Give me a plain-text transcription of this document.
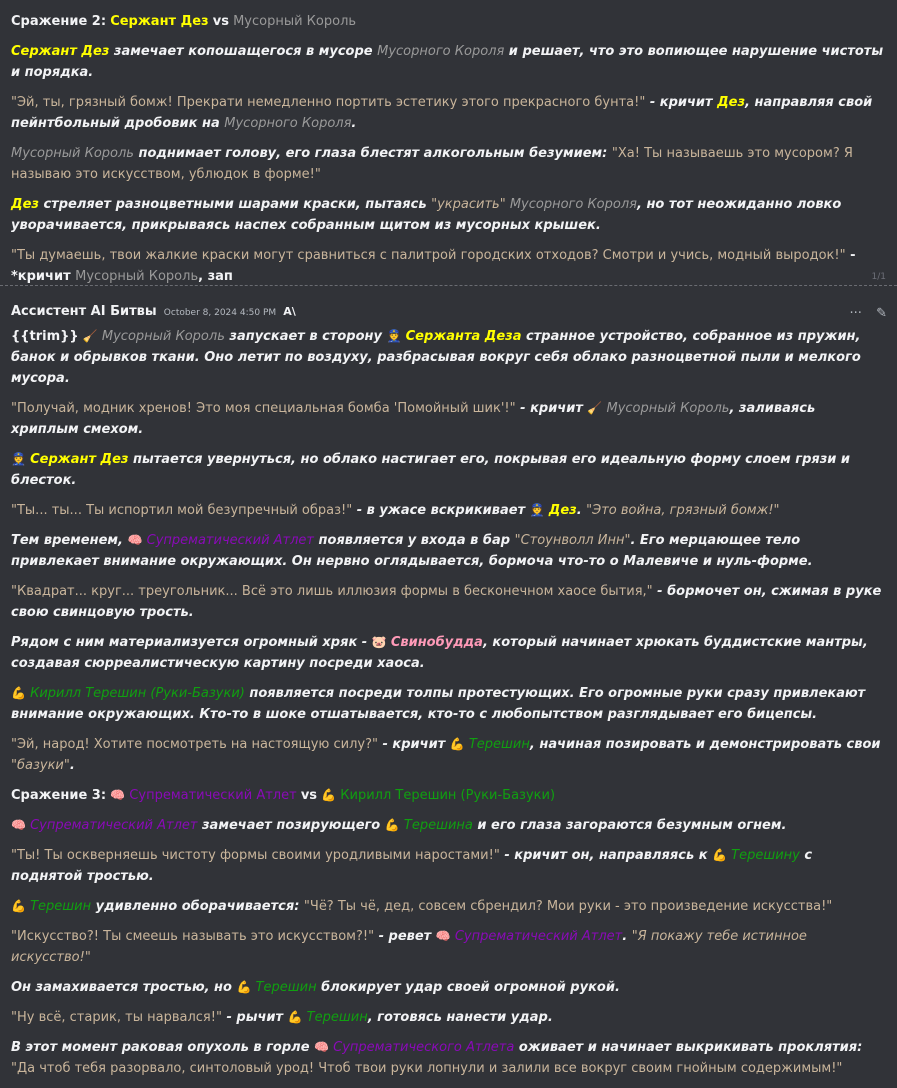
Сражение 2: Сержант Дез vs Мусорный Король

Сержант Дез замечает копошащегося в мусоре Мусорного Короля и решает, что это вопиющее нарушение чистоты и порядка.

"Эй, ты, грязный бомж! Прекрати немедленно портить эстетику этого прекрасного бунта!" - кричит Дез, направляя свой пейнтбольный дробовик на Мусорного Короля.

Мусорный Король поднимает голову, его глаза блестят алкогольным безумием: "Ха! Ты называешь это мусором? Я называю это искусством, ублюдок в форме!"

Дез стреляет разноцветными шарами краски, пытаясь "украсить" Мусорного Короля, но тот неожиданно ловко уворачивается, прикрываясь наспех собранным щитом из мусорных крышек.

"Ты думаешь, твои жалкие краски могут сравниться с палитрой городских отходов? Смотри и учись, модный выродок!" - *кричит Мусорный Король, зап	1/1
Ассистент AI Битвы October 8, 2024 4:50 PM A\	··· ✎

{{trim}} 🧹 Мусорный Король запускает в сторону 👮 Сержанта Деза странное устройство, собранное из пружин, банок и обрывков ткани. Оно летит по воздуху, разбрасывая вокруг себя облако разноцветной пыли и мелкого мусора.

"Получай, модник хренов! Это моя специальная бомба 'Помойный шик'!" - кричит 🧹 Мусорный Король, заливаясь хриплым смехом.

👮 Сержант Дез пытается увернуться, но облако настигает его, покрывая его идеальную форму слоем грязи и блесток.

"Ты... ты... Ты испортил мой безупречный образ!" - в ужасе вскрикивает 👮 Дез. "Это война, грязный бомж!"

Тем временем, 🧠 Супрематический Атлет появляется у входа в бар "Стоунволл Инн". Его мерцающее тело привлекает внимание окружающих. Он нервно оглядывается, бормоча что-то о Малевиче и нуль-форме.

"Квадрат... круг... треугольник... Всё это лишь иллюзия формы в бесконечном хаосе бытия," - бормочет он, сжимая в руке свою свинцовую трость.

Рядом с ним материализуется огромный хряк - 🐷 Свинобудда, который начинает хрюкать буддистские мантры, создавая сюрреалистическую картину посреди хаоса.

💪 Кирилл Терешин (Руки-Базуки) появляется посреди толпы протестующих. Его огромные руки сразу привлекают внимание окружающих. Кто-то в шоке отшатывается, кто-то с любопытством разглядывает его бицепсы.

"Эй, народ! Хотите посмотреть на настоящую силу?" - кричит 💪 Терешин, начиная позировать и демонстрировать свои "базуки".

Сражение 3: 🧠 Супрематический Атлет vs 💪 Кирилл Терешин (Руки-Базуки)

🧠 Супрематический Атлет замечает позирующего 💪 Терешина и его глаза загораются безумным огнем.

"Ты! Ты оскверняешь чистоту формы своими уродливыми наростами!" - кричит он, направляясь к 💪 Терешину с поднятой тростью.

💪 Терешин удивленно оборачивается: "Чё? Ты чё, дед, совсем сбрендил? Мои руки - это произведение искусства!"

"Искусство?! Ты смеешь называть это искусством?!" - ревет 🧠 Супрематический Атлет. "Я покажу тебе истинное искусство!"

Он замахивается тростью, но 💪 Терешин блокирует удар своей огромной рукой.

"Ну всё, старик, ты нарвался!" - рычит 💪 Терешин, готовясь нанести удар.

В этот момент раковая опухоль в горле 🧠 Супрематического Атлета оживает и начинает выкрикивать проклятия: "Да чтоб тебя разорвало, синтоловый урод! Чтоб твои руки лопнули и залили все вокруг своим гнойным содержимым!"
